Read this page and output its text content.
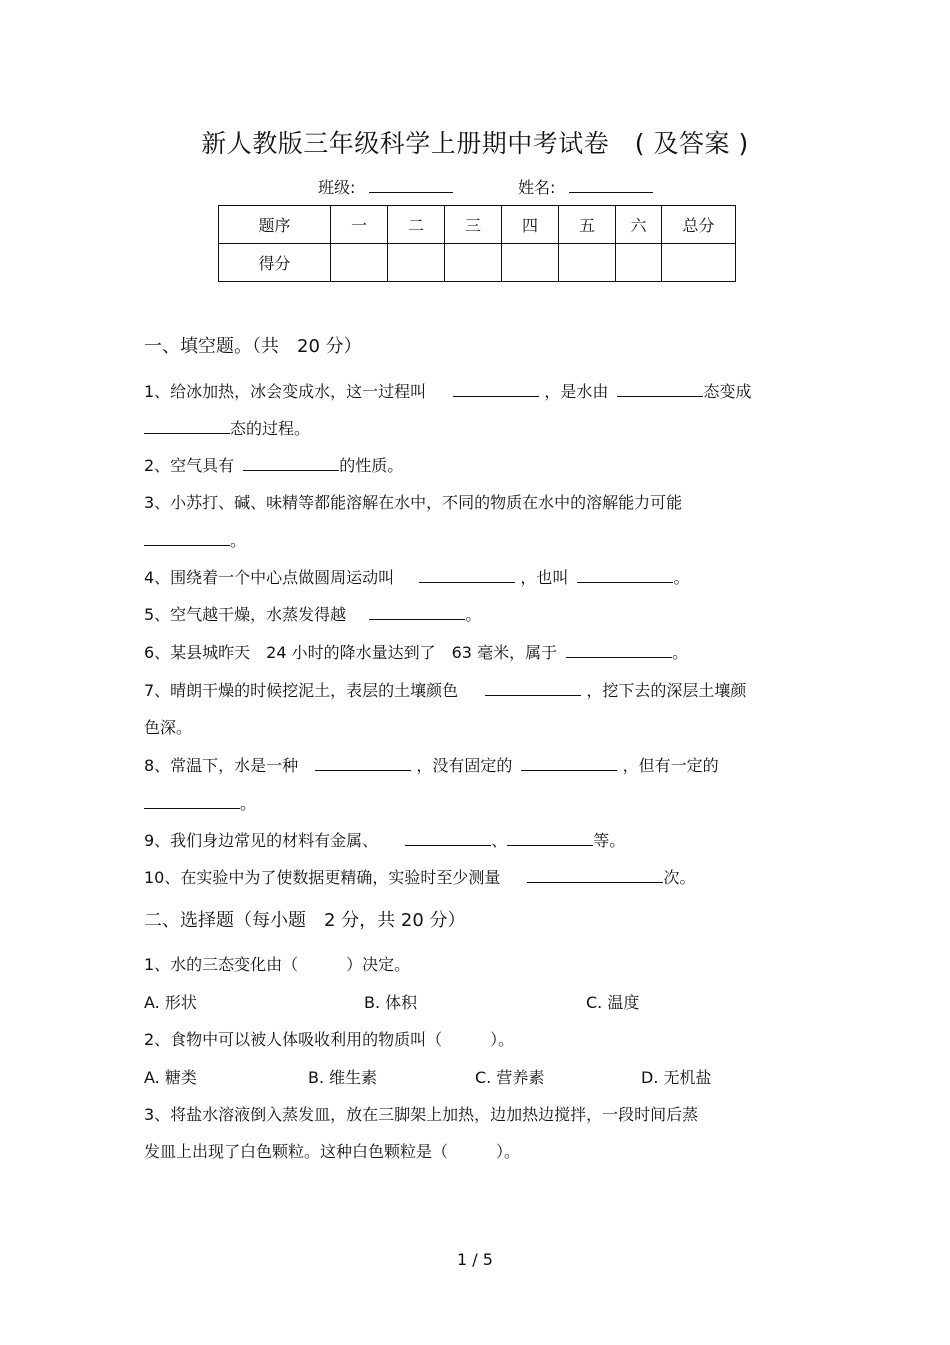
新人教版三年级科学上册期中考试卷　( 及答案 )
班级:	姓名:
题序	一	二	三	四	五	六	总分
得分							
一、填空题。（共　20 分）
1、给冰加热，冰会变成水，这一过程叫	，是水由	态变成
态的过程。
2、空气具有	的性质。
3、小苏打、碱、味精等都能溶解在水中，不同的物质在水中的溶解能力可能
。
4、围绕着一个中心点做圆周运动叫	，也叫	。
5、空气越干燥，水蒸发得越	。
6、某县城昨天　24 小时的降水量达到了　63 毫米，属于	。
7、晴朗干燥的时候挖泥土，表层的土壤颜色	，挖下去的深层土壤颜
色深。
8、常温下，水是一种	，没有固定的	，但有一定的
。
9、我们身边常见的材料有金属、	、	等。
10、在实验中为了使数据更精确，实验时至少测量	次。
二、选择题（每小题　2 分，共 20 分）
1、水的三态变化由（　　　）决定。
A. 形状	B. 体积	C. 温度
2、食物中可以被人体吸收利用的物质叫（　　　）。
A. 糖类	B. 维生素	C. 营养素	D. 无机盐
3、将盐水溶液倒入蒸发皿，放在三脚架上加热，边加热边搅拌，一段时间后蒸
发皿上出现了白色颗粒。这种白色颗粒是（　　　）。
1 / 5
